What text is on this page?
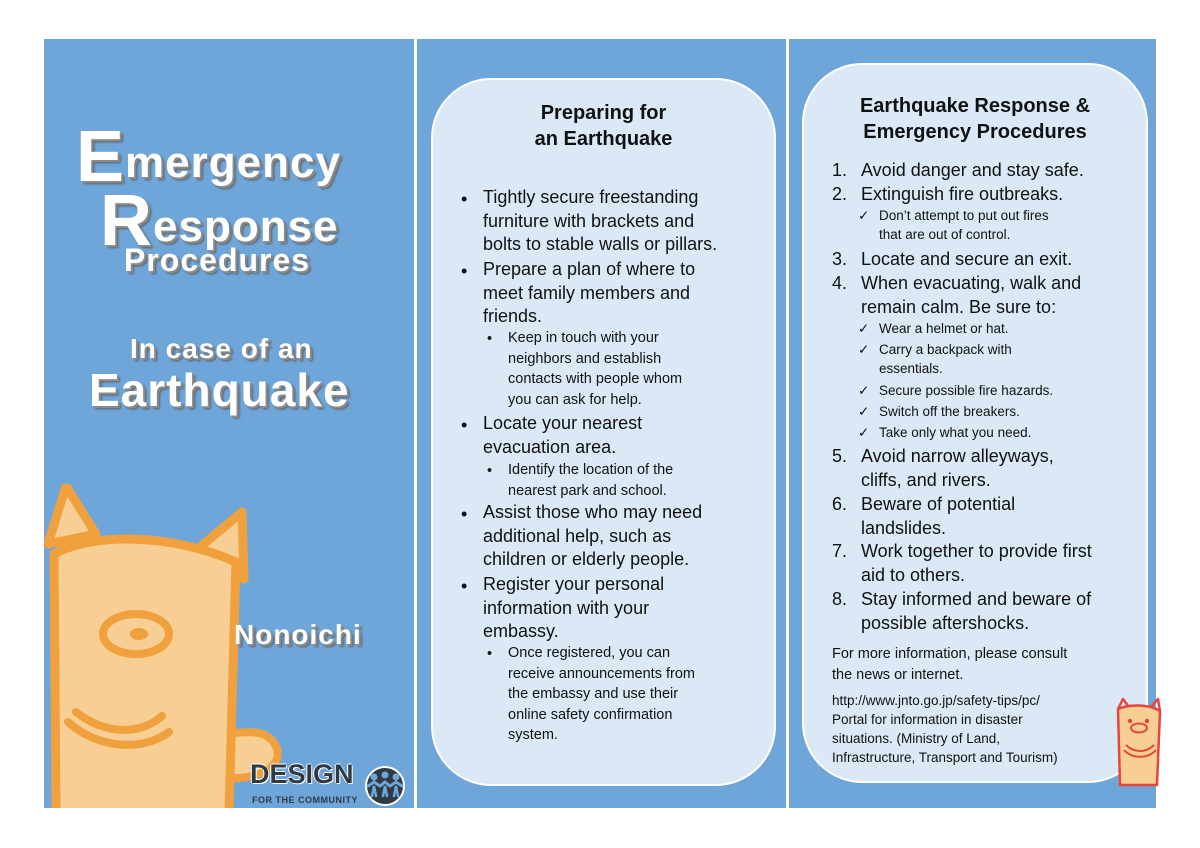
Emergency
Response
Procedures
In case of an
Earthquake
Nonoichi
DESIGN
FOR THE COMMUNITY
Preparing for
an Earthquake
• Tightly secure freestanding
furniture with brackets and
bolts to stable walls or pillars.
• Prepare a plan of where to
meet family members and
friends.
• Keep in touch with your
neighbors and establish
contacts with people whom
you can ask for help.
• Locate your nearest
evacuation area.
• Identify the location of the
nearest park and school.
• Assist those who may need
additional help, such as
children or elderly people.
• Register your personal
information with your
embassy.
• Once registered, you can
receive announcements from
the embassy and use their
online safety confirmation
system.
Earthquake Response &
Emergency Procedures
1. Avoid danger and stay safe.
2. Extinguish fire outbreaks.
✓ Don’t attempt to put out fires
that are out of control.
3. Locate and secure an exit.
4. When evacuating, walk and
remain calm. Be sure to:
✓ Wear a helmet or hat.
✓ Carry a backpack with
essentials.
✓ Secure possible fire hazards.
✓ Switch off the breakers.
✓ Take only what you need.
5. Avoid narrow alleyways,
cliffs, and rivers.
6. Beware of potential
landslides.
7. Work together to provide first
aid to others.
8. Stay informed and beware of
possible aftershocks.
For more information, please consult
the news or internet.
http://www.jnto.go.jp/safety-tips/pc/
Portal for information in disaster
situations. (Ministry of Land,
Infrastructure, Transport and Tourism)
